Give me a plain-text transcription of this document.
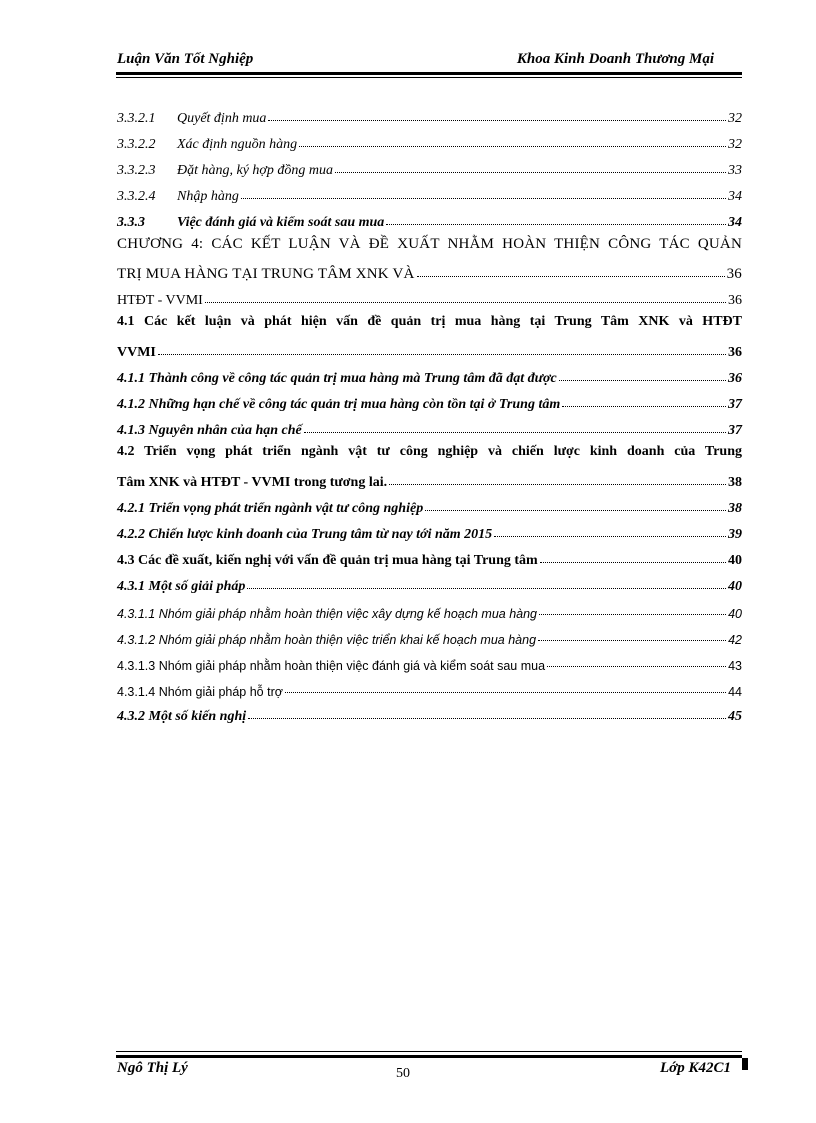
Luận Văn Tốt Nghiệp	Khoa Kinh Doanh Thương Mại
3.3.2.1	Quyết định mua	32
3.3.2.2	Xác định nguồn hàng	32
3.3.2.3	Đặt hàng, ký hợp đồng mua	33
3.3.2.4	Nhập hàng	34
3.3.3	Việc đánh giá và kiểm soát sau mua	34
CHƯƠNG 4: CÁC KẾT LUẬN VÀ ĐỀ XUẤT NHẰM HOÀN THIỆN CÔNG TÁC QUẢN
TRỊ MUA HÀNG TẠI TRUNG TÂM XNK VÀ	36
HTĐT - VVMI	36
4.1 Các kết luận và phát hiện vấn đề quản trị mua hàng tại Trung Tâm XNK và HTĐT
VVMI	36
4.1.1 Thành công về công tác quản trị mua hàng mà Trung tâm đã đạt được	36
4.1.2 Những hạn chế về công tác quản trị mua hàng còn tồn tại ở Trung tâm	37
4.1.3 Nguyên nhân của hạn chế	37
4.2 Triển vọng phát triển ngành vật tư công nghiệp và chiến lược kinh doanh của Trung
Tâm XNK và HTĐT - VVMI trong tương lai.	38
4.2.1 Triển vọng phát triển ngành vật tư công nghiệp	38
4.2.2 Chiến lược kinh doanh của Trung tâm từ nay tới năm 2015	39
4.3 Các đề xuất, kiến nghị với vấn đề quản trị mua hàng tại Trung tâm	40
4.3.1 Một số giải pháp	40
4.3.1.1 Nhóm giải pháp nhằm hoàn thiện việc xây dựng kế hoạch mua hàng	40
4.3.1.2 Nhóm giải pháp nhằm hoàn thiện việc triển khai kế hoạch mua hàng	42
4.3.1.3 Nhóm giải pháp nhằm hoàn thiện việc đánh giá và kiểm soát sau mua	43
4.3.1.4 Nhóm giải pháp hỗ trợ	44
4.3.2 Một số kiến nghị	45
Ngô Thị Lý	50	Lớp K42C1
